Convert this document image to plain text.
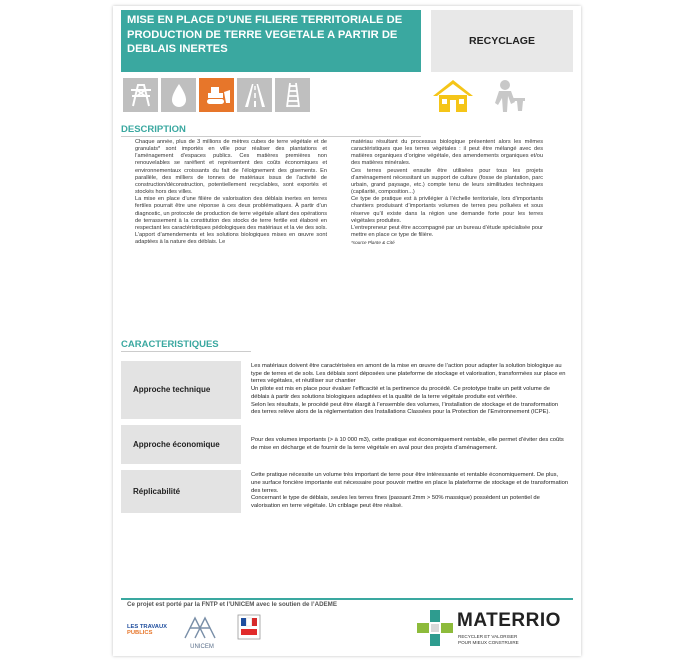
MISE EN PLACE D’UNE FILIERE TERRITORIALE DE PRODUCTION DE TERRE VEGETALE A PARTIR DE DEBLAIS INERTES
RECYCLAGE
DESCRIPTION

Chaque année, plus de 3 millions de mètres cubes de terre végétale et de granulats* sont importés en ville pour réaliser des plantations et l’aménagement d’espaces publics. Ces matières premières non renouvelables se raréfient et représentent des coûts économiques et environnementaux croissants du fait de l’éloignement des gisements. En parallèle, des milliers de tonnes de matériaux issus de l’activité de construction/déconstruction, potentiellement recyclables, sont exportés et stockés hors des villes.

La mise en place d’une filière de valorisation des déblais inertes en terres fertiles pourrait être une réponse à ces deux problématiques. À partir d’un diagnostic, un protocole de production de terre végétale allant des opérations de terrassement à la constitution des stocks de terre fertile est élaboré en respectant les caractéristiques pédologiques des matériaux et la vie des sols. L’apport d’amendements et les solutions biologiques mises en œuvre sont adaptées à la nature des déblais. Le

matériau résultant du processus biologique présentent alors les mêmes caractéristiques que les terres végétales : il peut être mélangé avec des matières organiques d’origine végétale, des amendements organiques et/ou des matières minérales.

Ces terres peuvent ensuite être utilisées pour tous les projets d’aménagement nécessitant un support de culture (fosse de plantation, parc urbain, grand paysage, etc.) compte tenu de leurs similitudes techniques (capilarité, composition...)

Ce type de pratique est à privilégier à l’échelle territoriale, lors d’importants chantiers produisant d’importants volumes de terres peu polluées et sous réserve qu’il existe dans la région une demande forte pour les terres végétales produites.

L’entrepreneur peut être accompagné par un bureau d’étude spécialisée pour mettre en place ce type de filière.

*source Plante & Cité

CARACTERISTIQUES
Approche technique	Les matériaux doivent être caractérisées en amont de la mise en œuvre de l’action pour adapter la solution biologique au type de terres et de sols. Les déblais sont déposées une plateforme de stockage et valorisation, transformées sur place en terres végétales, et réutiliser sur chantier

Un pilote est mis en place pour évaluer l’efficacité et la pertinence du procédé. Ce prototype traite un petit volume de déblais à partir des solutions biologiques adaptées et la qualité de la terre végétale produite est vérifiée.

Selon les résultats, le procédé peut être élargit à l’ensemble des volumes, l’installation de stockage et de transformation des terres relève alors de la réglementation des Installations Classées pour la Protection de l’Environnement (ICPE).

Approche économique	Pour des volumes importants (> à 10 000 m3), cette pratique est économiquement rentable, elle permet d’éviter des coûts de mise en décharge et de fournir de la terre végétale en aval pour des projets d’aménagement.

Réplicabilité	Cette pratique nécessite un volume très important de terre pour être intéressante et rentable économiquement. De plus, une surface foncière importante est nécessaire pour pouvoir mettre en place la plateforme de stockage et de transformation des terres.

Concernant le type de déblais, seules les terres fines (passant 2mm > 50% massique) possèdent un potentiel de valorisation en terre végétale. Un criblage peut être réalisé.

Ce projet est porté par la FNTP et l’UNICEM avec le soutien de l’ADEME
LES TRAVAUX
PUBLICS
UNICEM
MATERRIO
RECYCLER ET VALORISER
POUR MIEUX CONSTRUIRE
